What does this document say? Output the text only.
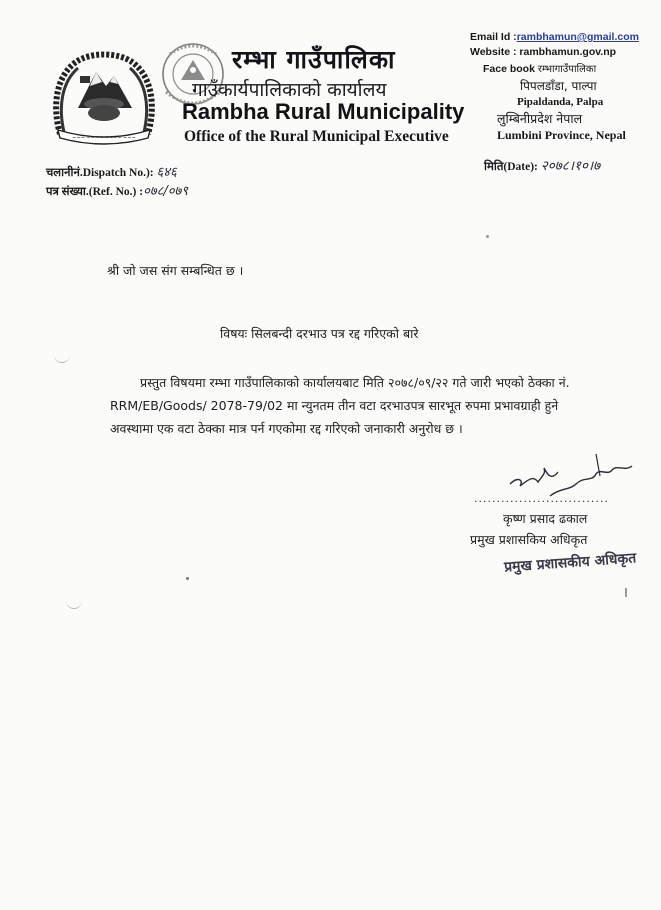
~~~ ~~~~ ~~~~ ~~~
रम्भा गाउँपालिका
गाउँकार्यपालिकाको कार्यालय
Rambha Rural Municipality
Office of the Rural Municipal Executive
Email Id :rambhamun@gmail.com
Website : rambhamun.gov.np
Face book रम्भागाउँपालिका
पिपलडाँडा, पाल्पा
Pipaldanda, Palpa
लुम्बिनीप्रदेश नेपाल
Lumbini Province, Nepal
चलानीनं.Dispatch No.): ६४६
पत्र संख्या.(Ref. No.) :०७८/०७९
मिति(Date): २०७८।१०।७
श्री जो जस संग सम्बन्धित छ ।
विषयः सिलबन्दी दरभाउ पत्र रद्द गरिएको बारे
प्रस्तुत विषयमा रम्भा गाउँपालिकाको कार्यालयबाट मिति २०७८/०९/२२ गते जारी भएको ठेक्का नं. RRM/EB/Goods/ 2078-79/02 मा न्युनतम तीन वटा दरभाउपत्र सारभूत रुपमा प्रभावग्राही हुने अवस्थामा एक वटा ठेक्का मात्र पर्न गएकोमा रद्द गरिएको जनाकारी अनुरोध छ ।
..............................
कृष्ण प्रसाद ढकाल
प्रमुख प्रशासकिय अधिकृत
प्रमुख प्रशासकीय अधिकृत
